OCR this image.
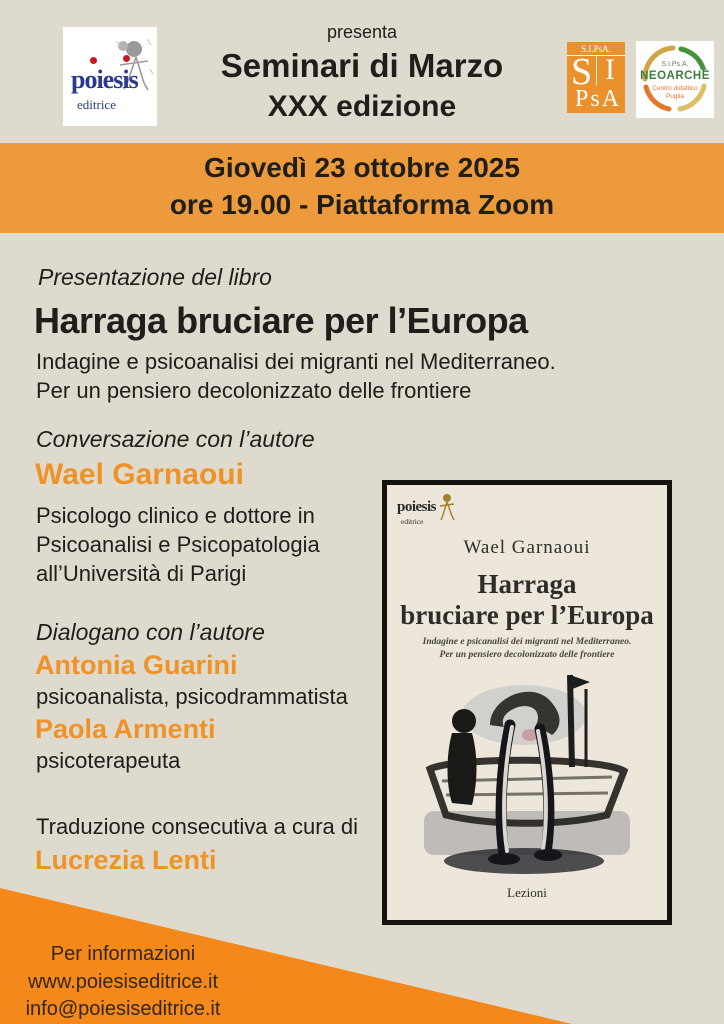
poiesis
editrice
presenta
Seminari di Marzo
XXX edizione
S.I.PsA.
S I
PsA
S.I.Ps.A.
NEOARCHÈ
Centro didattico
Puglia
Giovedì 23 ottobre 2025
ore 19.00 - Piattaforma Zoom
Presentazione del libro
Harraga bruciare per l’Europa
Indagine e psicoanalisi dei migranti nel Mediterraneo.
Per un pensiero decolonizzato delle frontiere
Conversazione con l’autore
Wael Garnaoui
Psicologo clinico e dottore in
Psicoanalisi e Psicopatologia
all’Università di Parigi
Dialogano con l’autore
Antonia Guarini
psicoanalista, psicodrammatista
Paola Armenti
psicoterapeuta
Traduzione consecutiva a cura di
Lucrezia Lenti
poiesis
editrice
Wael Garnaoui
Harraga
bruciare per l’Europa
Indagine e psicanalisi dei migranti nel Mediterraneo.
Per un pensiero decolonizzato delle frontiere
Lezioni
Per informazioni
www.poiesiseditrice.it
info@poiesiseditrice.it
